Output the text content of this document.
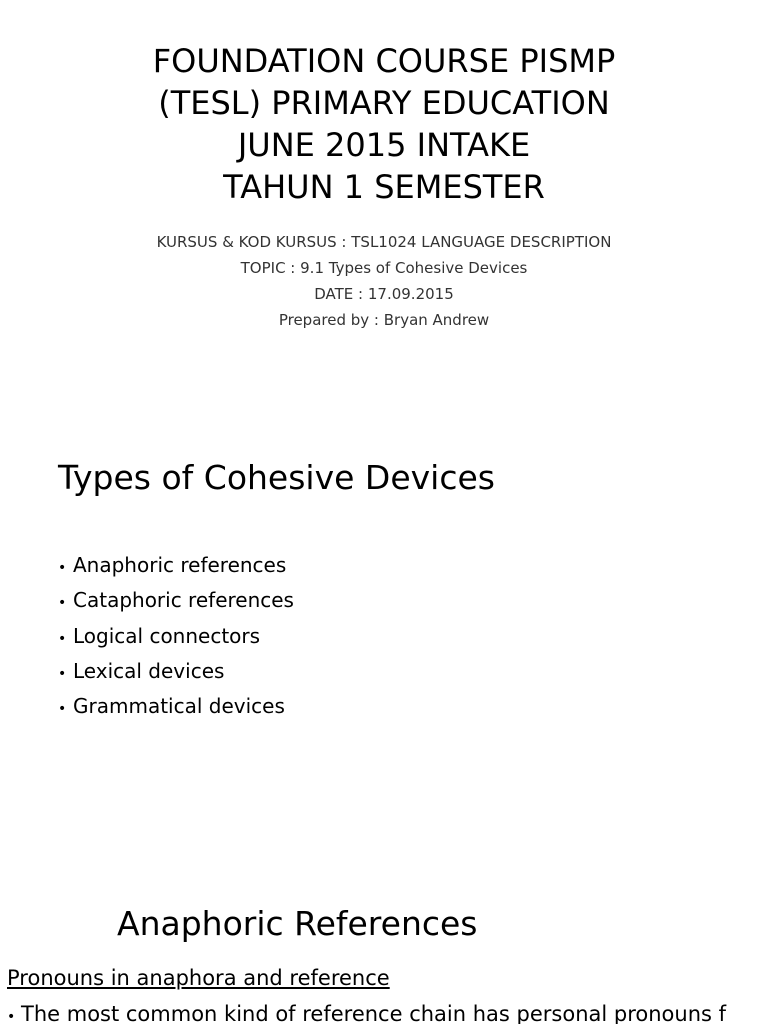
FOUNDATION COURSE PISMP
(TESL) PRIMARY EDUCATION
JUNE 2015 INTAKE
TAHUN 1 SEMESTER
KURSUS & KOD KURSUS : TSL1024 LANGUAGE DESCRIPTION
TOPIC : 9.1 Types of Cohesive Devices
DATE : 17.09.2015
Prepared by : Bryan Andrew
Types of Cohesive Devices
• Anaphoric references
• Cataphoric references
• Logical connectors
• Lexical devices
• Grammatical devices
Anaphoric References

Pronouns in anaphora and reference

• The most common kind of reference chain has personal pronouns f
